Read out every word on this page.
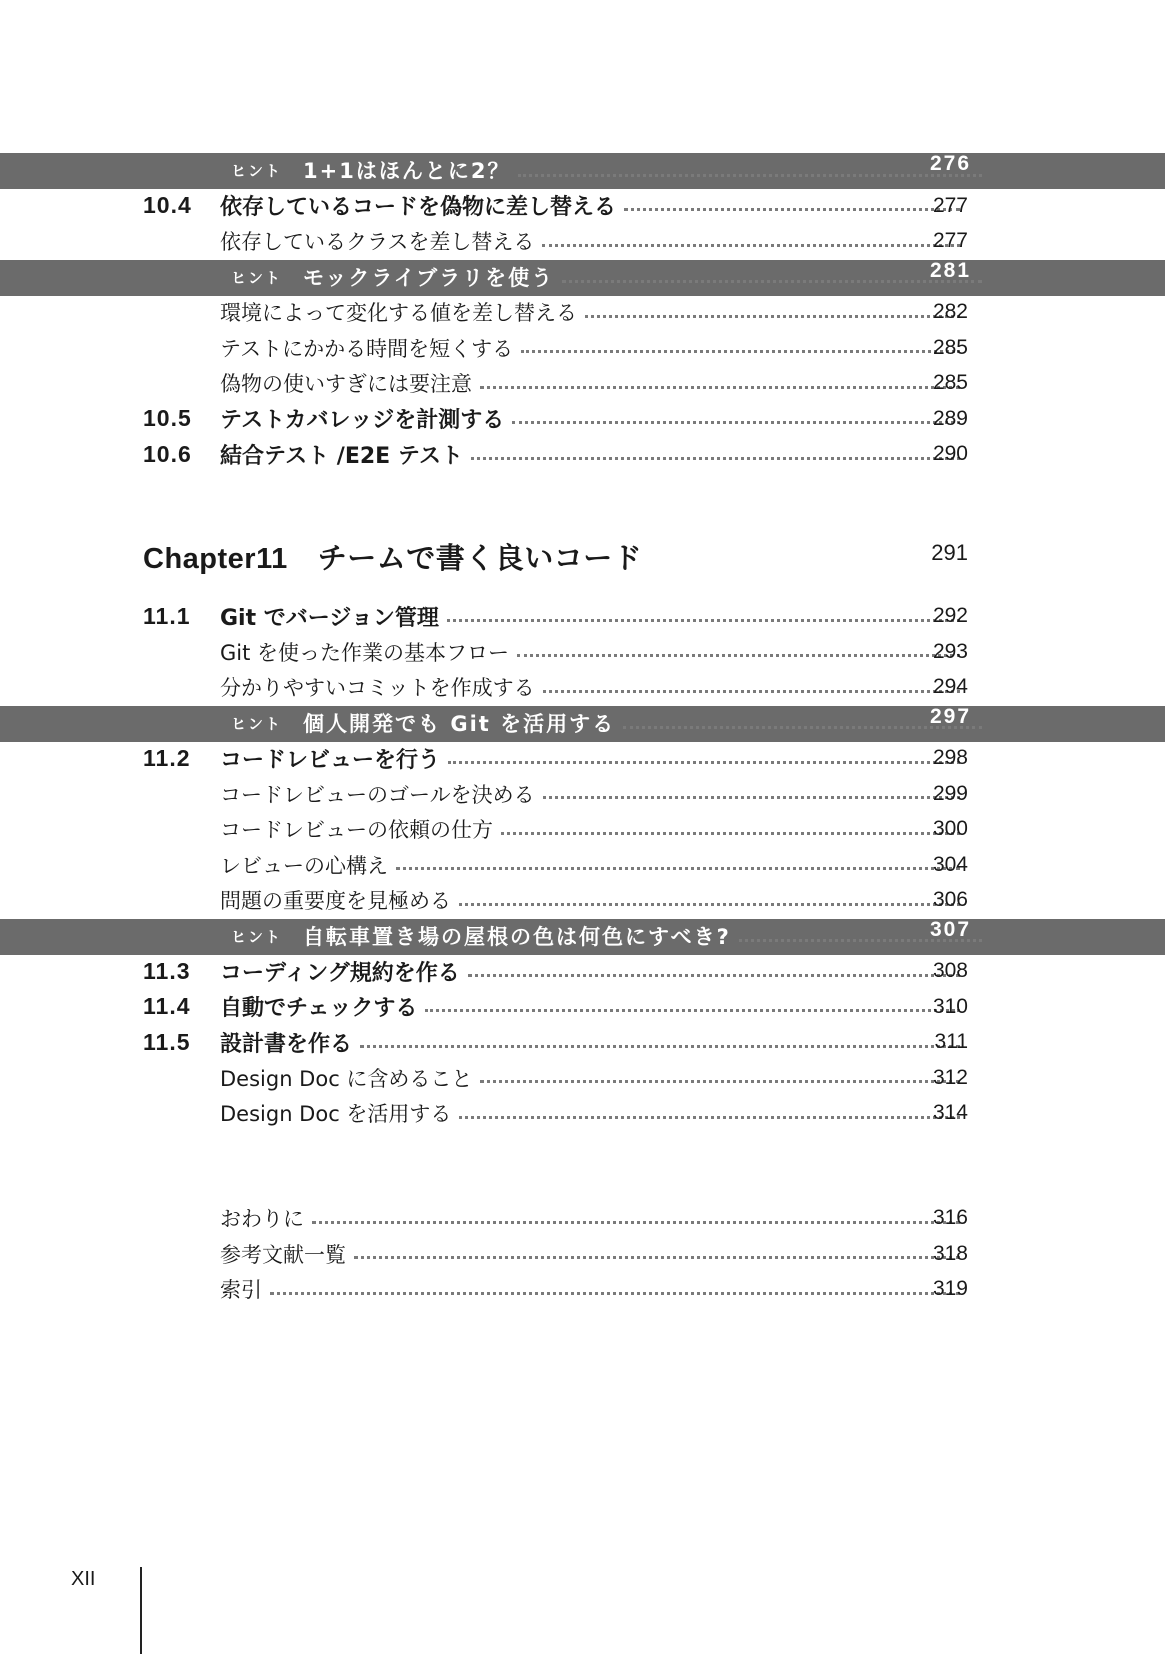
ヒント	1+1はほんとに2？	276
10.4	依存しているコードを偽物に差し替える	277
依存しているクラスを差し替える	277
ヒント	モックライブラリを使う	281
環境によって変化する値を差し替える	282
テストにかかる時間を短くする	285
偽物の使いすぎには要注意	285
10.5	テストカバレッジを計測する	289
10.6	結合テスト /E2E テスト	290
Chapter11 チームで書く良いコード	291
11.1	Git でバージョン管理	292
Git を使った作業の基本フロー	293
分かりやすいコミットを作成する	294
ヒント	個人開発でも Git を活用する	297
11.2	コードレビューを行う	298
コードレビューのゴールを決める	299
コードレビューの依頼の仕方	300
レビューの心構え	304
問題の重要度を見極める	306
ヒント	自転車置き場の屋根の色は何色にすべき?	307
11.3	コーディング規約を作る	308
11.4	自動でチェックする	310
11.5	設計書を作る	311
Design Doc に含めること	312
Design Doc を活用する	314
おわりに	316
参考文献一覧	318
索引	319
XII
